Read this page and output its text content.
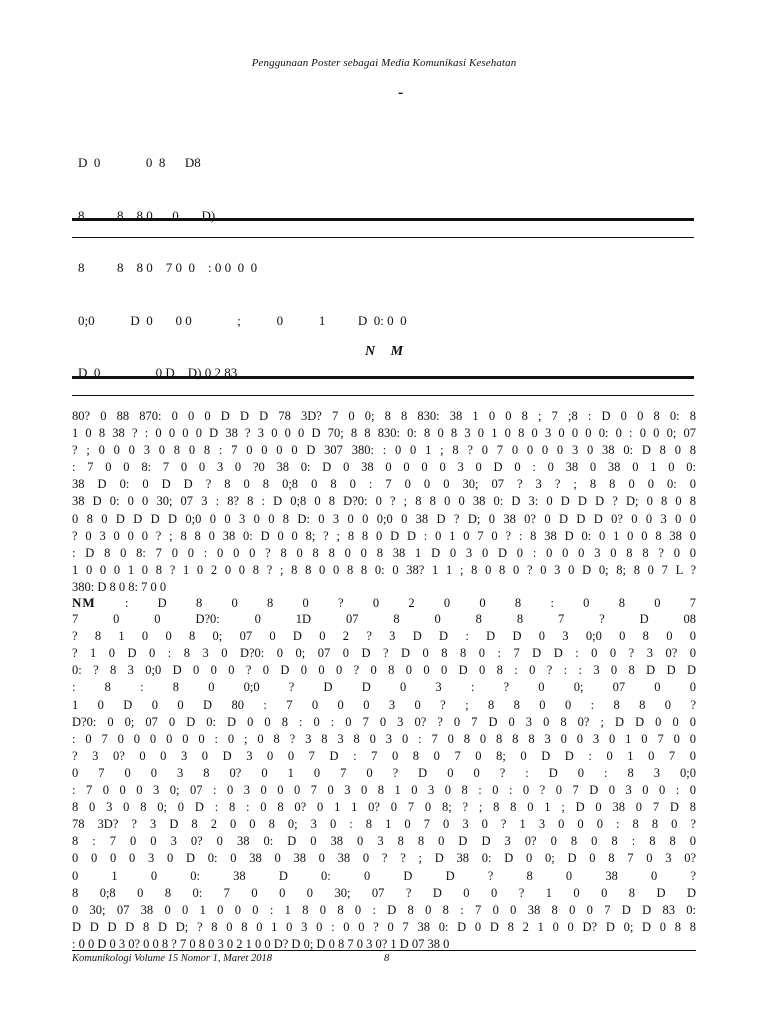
Penggunaan Poster sebagai Media Komunikasi Kesehatan
-

D  0              0  8      D8

8          8    8 0      0       D)

8          8    8 0    7 0  0    : 0 0  0  0

0;0           D  0       0 0              ;           0           1          D  0: 0  0

D  0                 0 D    D) 0 2 83

N M
80? 0 88 870: 0 0 0 D D D 78 3D? 7 0 0; 8 8 830: 38 1 0 0 8 ; 7 ;8 : D 0 0 8 0: 8
1 0 8 38 ? : 0 0 0 0 D 38 ? 3 0 0 0 D 70; 8 8 830: 0: 8 0 8 3 0 1 0 8 0 3 0 0 0 0: 0 : 0 0 0; 07
? ; 0 0 0 3 0 8 0 8 : 7 0 0 0 0 D 307 380: : 0 0 1 ; 8 ? 0 7 0 0 0 0 3 0 38 0: D 8 0 8
: 7 0 0 8: 7 0 0 3 0 ?0 38 0: D 0 38 0 0 0 0 3 0 D 0 : 0 38 0 38 0 1 0 0:
38 D 0: 0 D D ? 8 0 8 0;8 0 8 0 : 7 0 0 0 30; 07 ? 3 ? ; 8 8 0 0 0: 0
38 D 0: 0 0 30; 07 3 : 8? 8 : D 0;8 0 8 D?0: 0 ? ; 8 8 0 0 38 0: D 3: 0 D D D ? D; 0 8 0 8
0 8 0 D D D D 0;0 0 0 3 0 0 8 D: 0 3 0 0 0;0 0 38 D ? D; 0 38 0? 0 D D D 0? 0 0 3 0 0
? 0 3 0 0 0 ? ; 8 8 0 38 0: D 0 0 8; ? ; 8 8 0 D D : 0 1 0 7 0 ? : 8 38 D 0: 0 1 0 0 8 38 0
: D 8 0 8: 7 0 0 : 0 0 0 ? 8 0 8 8 0 0 8 38 1 D 0 3 0 D 0 : 0 0 0 3 0 8 8 ? 0 0
1 0 0 0 1 0 8 ? 1 0 2 0 0 8 ? ; 8 8 0 0 8 8 0: 0 38? 1 1 ; 8 0 8 0 ? 0 3 0 D 0; 8; 8 0 7 L ?
380: D 8 0 8: 7 0 0
NM : D 8 0 8 0 ? 0 2 0 0 8 : 0 8 0 7
7 0 0 D?0: 0 1D 07 8 0 8 8 7 ? D 08
? 8 1 0 0 8 0; 07 0 D 0 2 ? 3 D D : D D 0 3 0;0 0 8 0 0
? 1 0 D 0 : 8 3 0 D?0: 0 0; 07 0 D ? D 0 8 8 0 : 7 D D : 0 0 ? 3 0? 0
0: ? 8 3 0;0 D 0 0 0 ? 0 D 0 0 0 ? 0 8 0 0 0 D 0 8 : 0 ? : : 3 0 8 D D D
: 8 : 8 0 0;0 ? D D 0 3 : ? 0 0; 07 0 0
1 0 D 0 0 D 80 : 7 0 0 0 3 0 ? ; 8 8 0 0 : 8 8 0 ?
D?0: 0 0; 07 0 D 0: D 0 0 8 : 0 : 0 7 0 3 0? ? 0 7 D 0 3 0 8 0? ; D D 0 0 0
: 0 7 0 0 0 0 0 0 : 0 ; 0 8 ? 3 8 3 8 0 3 0 : 7 0 8 0 8 8 8 3 0 0 3 0 1 0 7 0 0
? 3 0? 0 0 3 0 D 3 0 0 7 D : 7 0 8 0 7 0 8; 0 D D : 0 1 0 7 0
0 7 0 0 3 8 0? 0 1 0 7 0 ? D 0 0 ? : D 0 : 8 3 0;0
: 7 0 0 0 3 0; 07 : 0 3 0 0 0 7 0 3 0 8 1 0 3 0 8 : 0 : 0 ? 0 7 D 0 3 0 0 : 0
8 0 3 0 8 0; 0 D : 8 : 0 8 0? 0 1 1 0? 0 7 0 8; ? ; 8 8 0 1 ; D 0 38 0 7 D 8
78 3D? ? 3 D 8 2 0 0 8 0; 3 0 : 8 1 0 7 0 3 0 ? 1 3 0 0 0 : 8 8 0 ?
8 : 7 0 0 3 0? 0 38 0: D 0 38 0 3 8 8 0 D D 3 0? 0 8 0 8 : 8 8 0
0 0 0 0 3 0 D 0: 0 38 0 38 0 38 0 ? ? ; D 38 0: D 0 0; D 0 8 7 0 3 0?
0 1 0 0: 38 D 0: 0 D D ? 8 0 38 0 ?
8 0;8 0 8 0: 7 0 0 0 30; 07 ? D 0 0 ? 1 0 0 8 D D
0 30; 07 38 0 0 1 0 0 0 : 1 8 0 8 0 : D 8 0 8 : 7 0 0 38 8 0 0 7 D D 83 0:
D D D D 8 D D; ? 8 0 8 0 1 0 3 0 : 0 0 ? 0 7 38 0: D 0 D 8 2 1 0 0 D? D 0; D 0 8 8
: 0 0 D 0 3 0? 0 0 8 ? 7 0 8 0 3 0 2 1 0 0 D? D 0; D 0 8 7 0 3 0? 1 D 07 38 0
Komunikologi Volume 15 Nomor 1, Maret 2018	8
